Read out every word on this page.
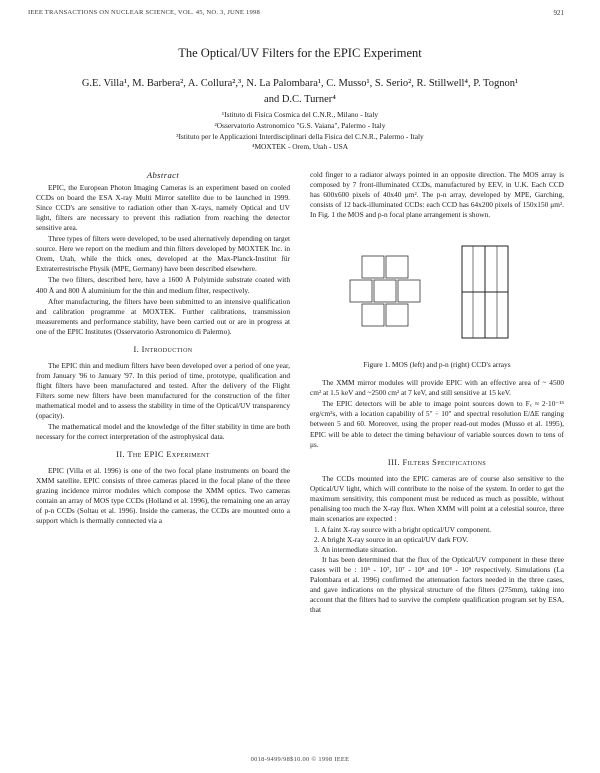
IEEE TRANSACTIONS ON NUCLEAR SCIENCE, VOL. 45, NO. 3, JUNE 1998	921
The Optical/UV Filters for the EPIC Experiment
G.E. Villa¹, M. Barbera², A. Collura²,³, N. La Palombara¹, C. Musso¹, S. Serio², R. Stillwell⁴, P. Tognon¹
and D.C. Turner⁴
¹Istituto di Fisica Cosmica del C.N.R., Milano - Italy
²Osservatorio Astronomico "G.S. Vaiana", Palermo - Italy
³Istituto per le Applicazioni Interdisciplinari della Fisica del C.N.R., Palermo - Italy
⁴MOXTEK - Orem, Utah - USA
Abstract

EPIC, the European Photon Imaging Cameras is an experiment based on cooled CCDs on board the ESA X-ray Multi Mirror satellite due to be launched in 1999. Since CCD's are sensitive to radiation other than X-rays, namely Optical and UV light, filters are necessary to prevent this radiation from reaching the detector sensitive area.

Three types of filters were developed, to be used alternatively depending on target source. Here we report on the medium and thin filters developed by MOXTEK Inc. in Orem, Utah, while the thick ones, developed at the Max-Planck-Institut für Extraterrestrische Physik (MPE, Germany) have been described elsewhere.

The two filters, described here, have a 1600 Å Polyimide substrate coated with 400 Å and 800 Å aluminium for the thin and medium filter, respectively.

After manufacturing, the filters have been submitted to an intensive qualification and calibration programme at MOXTEK. Further calibrations, transmission measurements and performance stability, have been carried out or are in progress at one of the EPIC Institutes (Osservatorio Astronomico di Palermo).

I. Introduction

The EPIC thin and medium filters have been developed over a period of one year, from January '96 to January '97. In this period of time, prototype, qualification and flight filters have been manufactured and tested. After the delivery of the Flight Filters some new filters have been manufactured for the construction of the filter mathematical model and to assess the stability in time of the Optical/UV transparency (opacity).

The mathematical model and the knowledge of the filter stability in time are both necessary for the correct interpretation of the astrophysical data.

II. The EPIC Experiment

EPIC (Villa et al. 1996) is one of the two focal plane instruments on board the XMM satellite. EPIC consists of three cameras placed in the focal plane of the three grazing incidence mirror modules which compose the XMM optics. Two cameras contain an array of MOS type CCDs (Holland et al. 1996), the remaining one an array of p-n CCDs (Soltau et al. 1996). Inside the cameras, the CCDs are mounted onto a support which is thermally connected via a

cold finger to a radiator always pointed in an opposite direction. The MOS array is composed by 7 front-illuminated CCDs, manufactured by EEV, in U.K. Each CCD has 600x600 pixels of 40x40 μm². The p-n array, developed by MPE, Garching, consists of 12 back-illuminated CCDs: each CCD has 64x200 pixels of 150x150 μm². In Fig. 1 the MOS and p-n focal plane arrangement is shown.

Figure 1. MOS (left) and p-n (right) CCD's arrays

The XMM mirror modules will provide EPIC with an effective area of ~ 4500 cm² at 1.5 keV and ~2500 cm² at 7 keV, and still sensitive at 15 keV.

The EPIC detectors will be able to image point sources down to Fₓ ≈ 2·10⁻¹⁵ erg/cm²s, with a location capability of 5" ÷ 10" and spectral resolution E/ΔE ranging between 5 and 60. Moreover, using the proper read-out modes (Musso et al. 1995), EPIC will be able to detect the timing behaviour of variable sources down to tens of μs.

III. Filters Specifications

The CCDs mounted into the EPIC cameras are of course also sensitive to the Optical/UV light, which will contribute to the noise of the system. In order to get the maximum sensitivity, this component must be reduced as much as possible, without penalising too much the X-ray flux. When XMM will point at a celestial source, three main scenarios are expected :

1. A faint X-ray source with a bright optical/UV component.
2. A bright X-ray source in an optical/UV dark FOV.
3. An intermediate situation.

It has been determined that the flux of the Optical/UV component in these three cases will be : 10⁵ - 10⁷, 10⁷ - 10⁸ and 10⁸ - 10⁹ respectively. Simulations (La Palombara et al. 1996) confirmed the attenuation factors needed in the three cases, and gave indications on the physical structure of the filters (275mm), taking into account that the filters had to survive the complete qualification program set by ESA, that

0018-9499/98$10.00 © 1998 IEEE
